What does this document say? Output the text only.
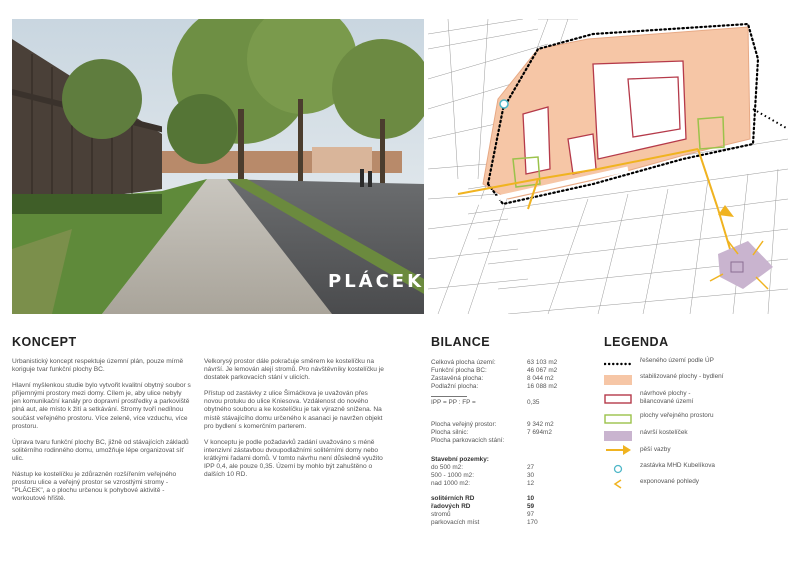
PLÁCEK
KONCEPT

Urbanistický koncept respektuje územní plán, pouze mírně koriguje tvar funkční plochy BC.

Hlavní myšlenkou studie bylo vytvořit kvalitní obytný soubor s příjemnými prostory mezi domy. Cílem je, aby ulice nebyly jen komunikační kanály pro dopravní prostředky a parkoviště plná aut, ale místo k žití a setkávání. Stromy tvoří nedílnou součást veřejného prostoru. Více zeleně, více vzduchu, více prostoru.

Úprava tvaru funkční plochy BC, jižně od stávajících základů solitérního rodinného domu, umožňuje lépe organizovat síť ulic.

Nástup ke kostelíčku je zdůrazněn rozšířením veřejného prostoru ulice a veřejný prostor se vzrostlými stromy - "PLÁCEK", a o plochu určenou k pohybové aktivitě - workoutové hřiště.

Velkorysý prostor dále pokračuje směrem ke kostelíčku na návrší. Je lemován alejí stromů. Pro návštěvníky kostelíčku je dostatek parkovacích stání v ulicích.

Přístup od zastávky z ulice Šimáčkova je uvažován přes novou protuku do ulice Kniesova. Vzdálenost do nového obytného souboru a ke kostelíčku je tak výrazně snížena. Na místě stávajícího domu určeného k asanaci je navržen objekt pro bydlení s komerčním parterem.

V konceptu je podle požadavků zadání uvažováno s méně intenzivní zástavbou dvoupodlažními solitérními domy nebo krátkými řadami domů. V tomto návrhu není důsledně využito IPP 0,4, ale pouze 0,35. Území by mohlo být zahuštěno o dalších 10 RD.

BILANCE
Celková plocha území:	63 103 m2
Funkční plocha BC:	46 067 m2
Zastavěná plocha:	8 044 m2
Podlažní plocha:	16 088 m2
IPP = PP : FP =	0,35
Plocha veřejný prostor:	9 342 m2
Plocha silnic:	7 694m2
Plocha parkovacích stání:
Stavební pozemky:
do 500 m2:	27
500 - 1000 m2:	30
nad 1000 m2:	12
solitérních RD	10
řadových RD	59
stromů	97
parkovacích míst	170
LEGENDA
řešeného území podle ÚP
stabilizované plochy - bydlení
návrhové plochy - bilancované území
plochy veřejného prostoru
návrší kostelíček
pěší vazby
zastávka MHD Kubelíkova
exponované pohledy
